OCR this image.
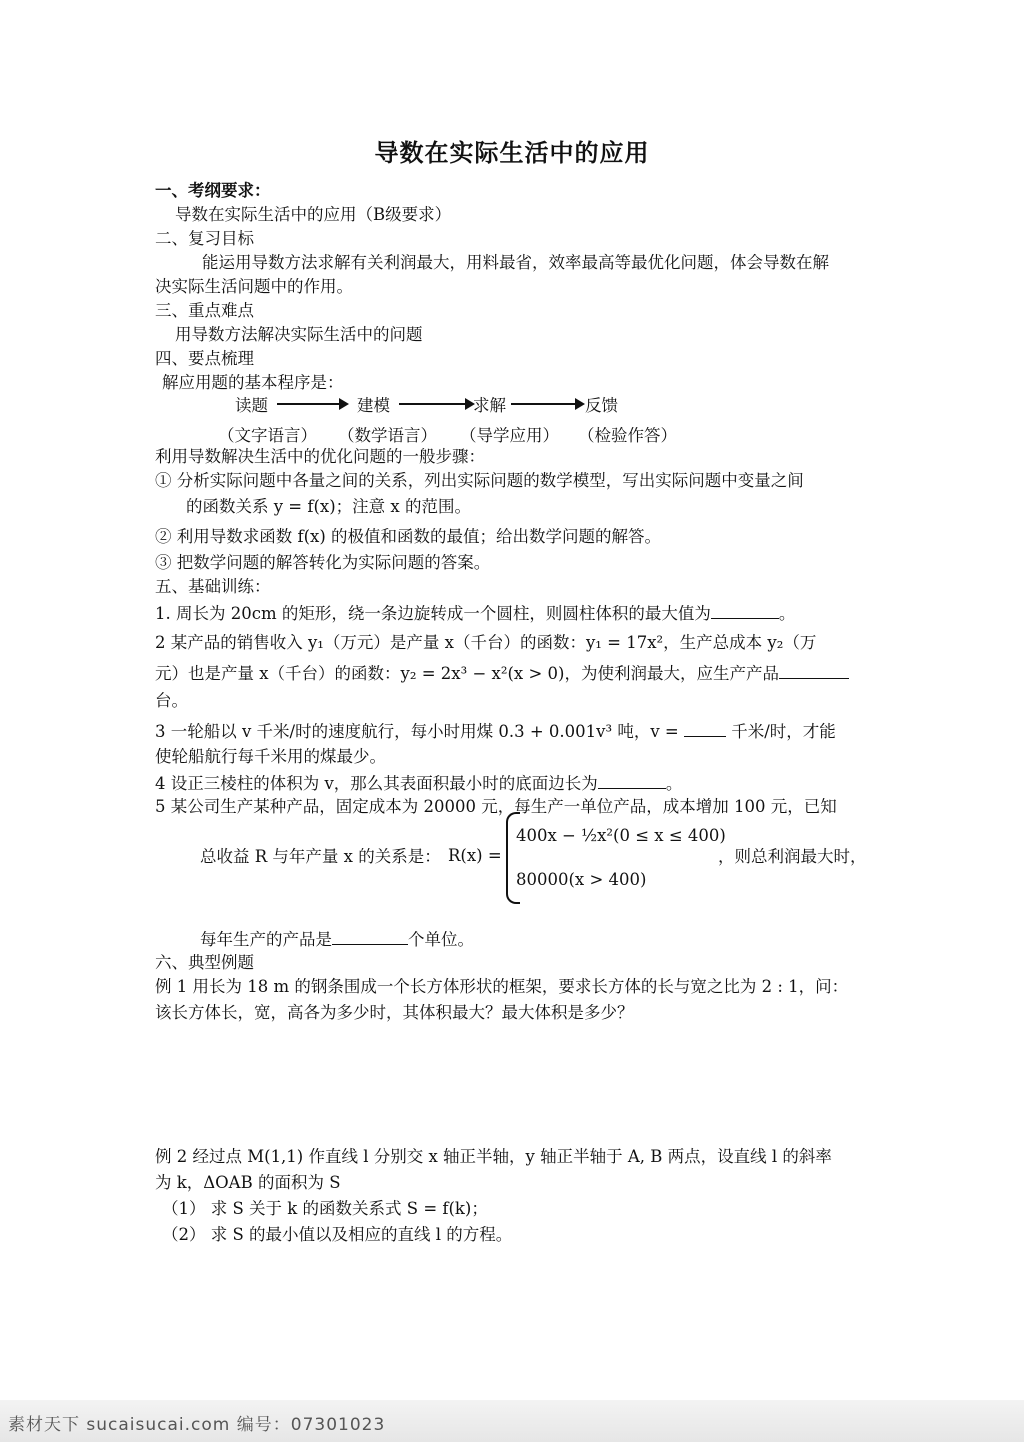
导数在实际生活中的应用
一、考纲要求：
导数在实际生活中的应用（B级要求）
二、复习目标
能运用导数方法求解有关利润最大，用料最省，效率最高等最优化问题，体会导数在解
决实际生活问题中的作用。
三、重点难点
用导数方法解决实际生活中的问题
四、要点梳理
解应用题的基本程序是：
读题	建模	求解	反馈
（文字语言） （数学语言） （导学应用） （检验作答）
利用导数解决生活中的优化问题的一般步骤：
① 分析实际问题中各量之间的关系，列出实际问题的数学模型，写出实际问题中变量之间
的函数关系 y = f(x)；注意 x 的范围。
② 利用导数求函数 f(x) 的极值和函数的最值；给出数学问题的解答。
③ 把数学问题的解答转化为实际问题的答案。
五、基础训练：
1. 周长为 20cm 的矩形，绕一条边旋转成一个圆柱，则圆柱体积的最大值为	。
2 某产品的销售收入 y₁（万元）是产量 x（千台）的函数：y₁ = 17x²，生产总成本 y₂（万
元）也是产量 x（千台）的函数：y₂ = 2x³ − x²(x > 0)，为使利润最大，应生产产品
台。
3 一轮船以 v 千米/时的速度航行，每小时用煤 0.3 + 0.001v³ 吨，v =	千米/时，才能
使轮船航行每千米用的煤最少。
4 设正三棱柱的体积为 v，那么其表面积最小时的底面边长为	。
5 某公司生产某种产品，固定成本为 20000 元，每生产一单位产品，成本增加 100 元，已知
总收益 R 与年产量 x 的关系是： R(x) =
400x − ½x²(0 ≤ x ≤ 400)
80000(x > 400)
，则总利润最大时，
每年生产的产品是	个单位。
六、典型例题
例 1 用长为 18 m 的钢条围成一个长方体形状的框架，要求长方体的长与宽之比为 2 : 1，问：
该长方体长，宽，高各为多少时，其体积最大？最大体积是多少？
例 2 经过点 M(1,1) 作直线 l 分别交 x 轴正半轴，y 轴正半轴于 A, B 两点，设直线 l 的斜率
为 k，ΔOAB 的面积为 S
（1） 求 S 关于 k 的函数关系式 S = f(k)；
（2） 求 S 的最小值以及相应的直线 l 的方程。
素材天下 sucaisucai.com 编号：07301023
